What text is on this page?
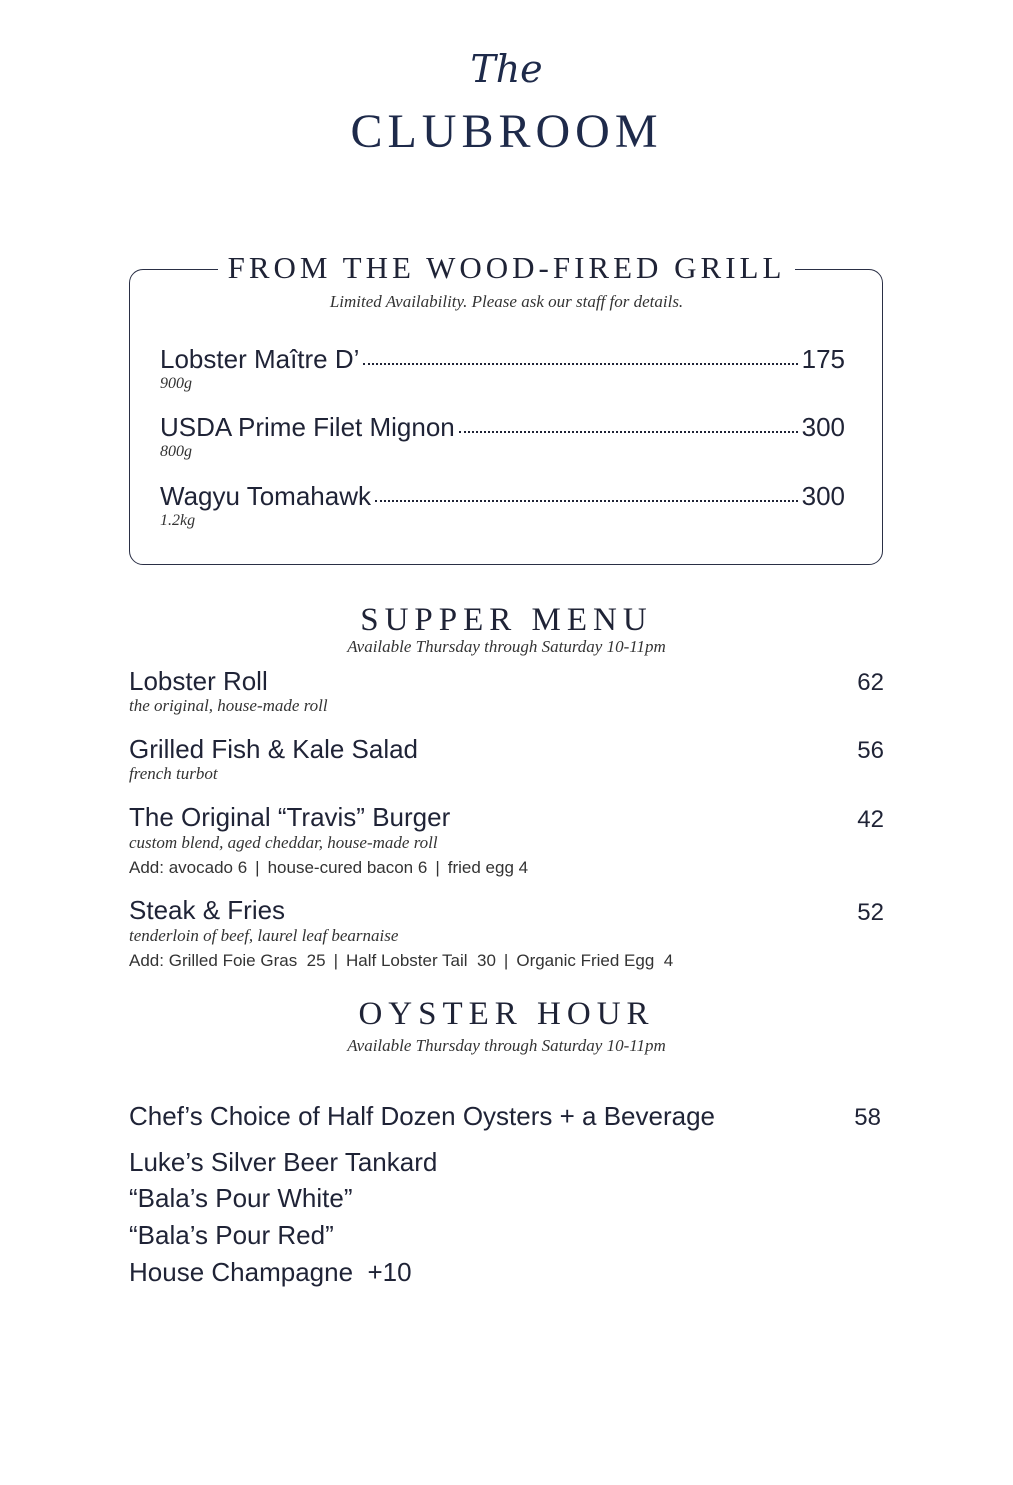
The
CLUBROOM
FROM THE WOOD-FIRED GRILL
Limited Availability. Please ask our staff for details.
Lobster Maître D’	175
900g
USDA Prime Filet Mignon	300
800g
Wagyu Tomahawk	300
1.2kg
SUPPER MENU
Available Thursday through Saturday 10-11pm
Lobster Roll	62
the original, house-made roll
Grilled Fish & Kale Salad	56
french turbot
The Original “Travis” Burger	42
custom blend, aged cheddar, house-made roll
Add: avocado 6 | house-cured bacon 6 | fried egg 4
Steak & Fries	52
tenderloin of beef, laurel leaf bearnaise
Add: Grilled Foie Gras  25 | Half Lobster Tail  30 | Organic Fried Egg  4
OYSTER HOUR
Available Thursday through Saturday 10-11pm
Chef’s Choice of Half Dozen Oysters + a Beverage	58
Luke’s Silver Beer Tankard
“Bala’s Pour White”
“Bala’s Pour Red”
House Champagne  +10
